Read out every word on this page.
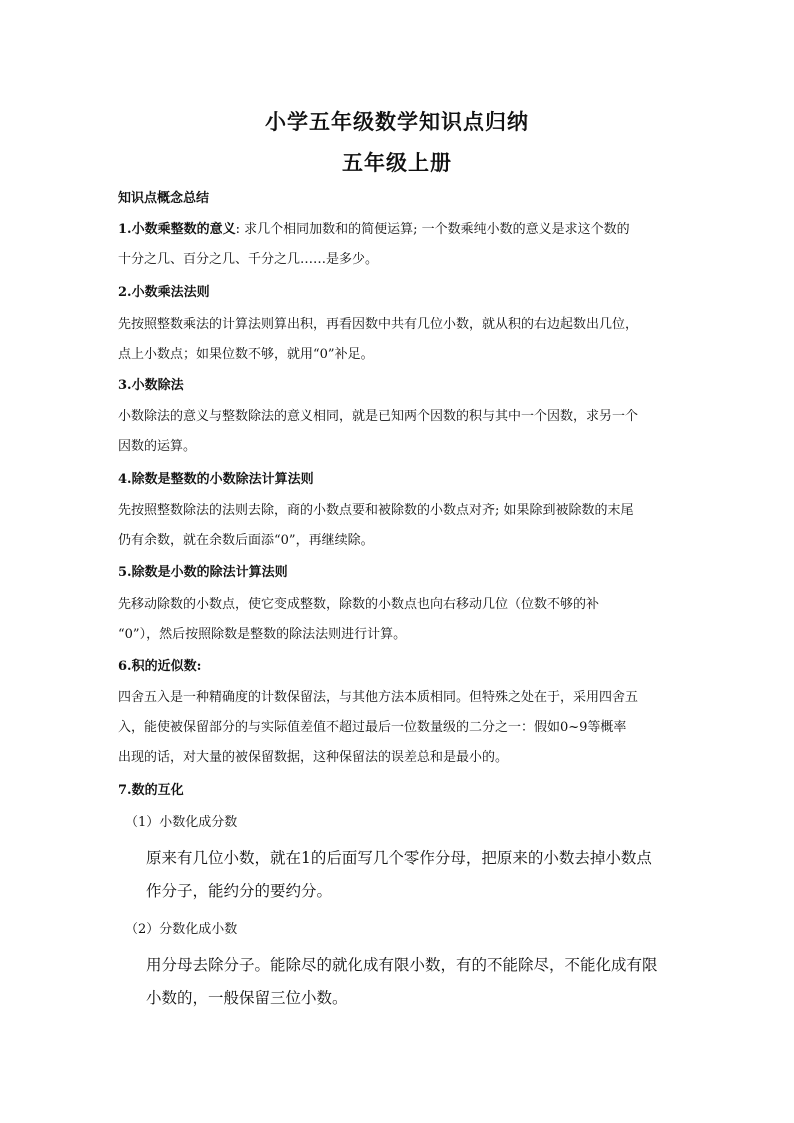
小学五年级数学知识点归纳
五年级上册
知识点概念总结
1.小数乘整数的意义: 求几个相同加数和的简便运算; 一个数乘纯小数的意义是求这个数的
十分之几、百分之几、千分之几……是多少。
2.小数乘法法则
先按照整数乘法的计算法则算出积，再看因数中共有几位小数，就从积的右边起数出几位，
点上小数点；如果位数不够，就用“0”补足。
3.小数除法
小数除法的意义与整数除法的意义相同，就是已知两个因数的积与其中一个因数，求另一个
因数的运算。
4.除数是整数的小数除法计算法则
先按照整数除法的法则去除，商的小数点要和被除数的小数点对齐; 如果除到被除数的末尾
仍有余数，就在余数后面添“0”，再继续除。
5.除数是小数的除法计算法则
先移动除数的小数点，使它变成整数，除数的小数点也向右移动几位（位数不够的补
“0”），然后按照除数是整数的除法法则进行计算。
6.积的近似数:
四舍五入是一种精确度的计数保留法，与其他方法本质相同。但特殊之处在于，采用四舍五
入，能使被保留部分的与实际值差值不超过最后一位数量级的二分之一：假如0~9等概率
出现的话，对大量的被保留数据，这种保留法的误差总和是最小的。
7.数的互化
（1）小数化成分数
原来有几位小数，就在1的后面写几个零作分母，把原来的小数去掉小数点
作分子，能约分的要约分。
（2）分数化成小数
用分母去除分子。能除尽的就化成有限小数，有的不能除尽，不能化成有限
小数的，一般保留三位小数。
